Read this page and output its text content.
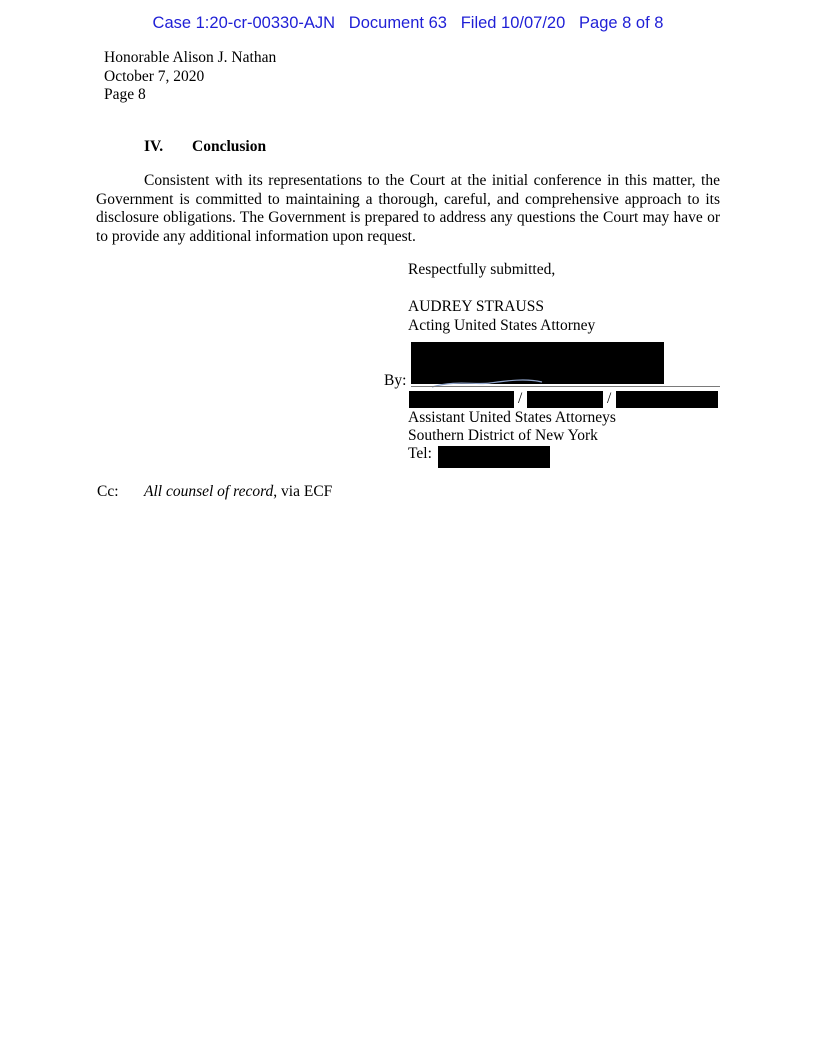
Case 1:20-cr-00330-AJN Document 63 Filed 10/07/20 Page 8 of 8
Honorable Alison J. Nathan
October 7, 2020
Page 8
IV. Conclusion
Consistent with its representations to the Court at the initial conference in this matter, the Government is committed to maintaining a thorough, careful, and comprehensive approach to its disclosure obligations. The Government is prepared to address any questions the Court may have or to provide any additional information upon request.
Respectfully submitted,
AUDREY STRAUSS
Acting United States Attorney
By:
/	/
Assistant United States Attorneys
Southern District of New York
Tel:
Cc: All counsel of record, via ECF
